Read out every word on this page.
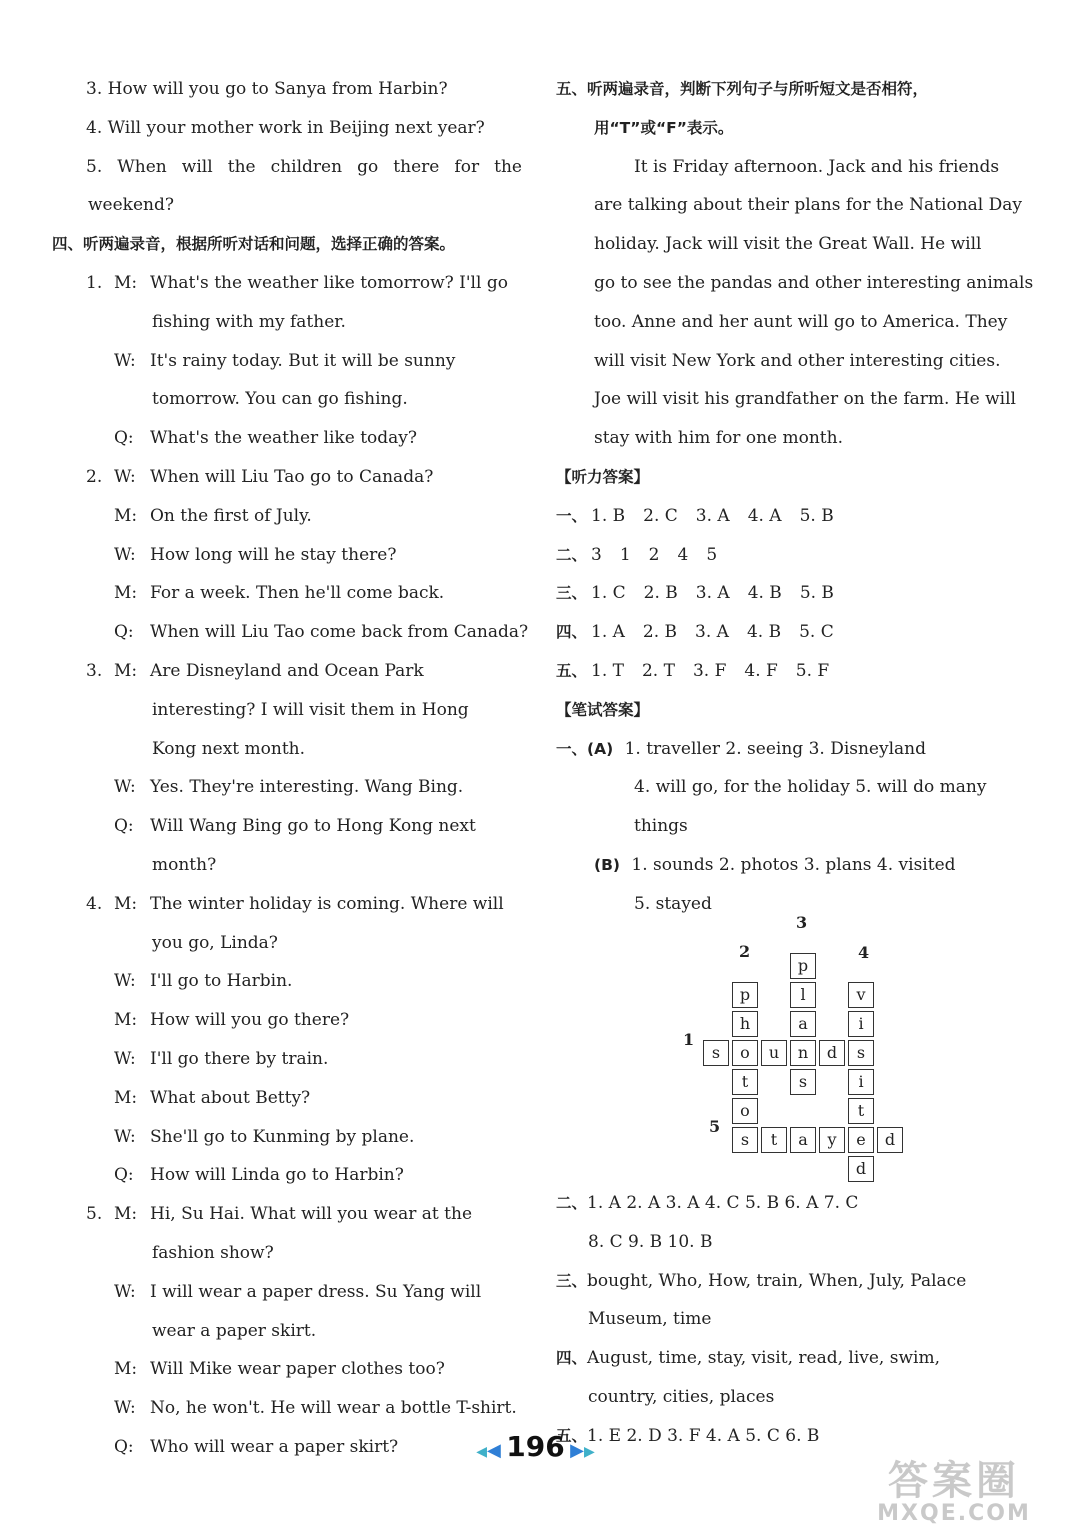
3. How will you go to Sanya from Harbin?
4. Will your mother work in Beijing next year?
5. When will the children go there for the
weekend?
四、听两遍录音，根据所听对话和问题，选择正确的答案。
1. M: What's the weather like tomorrow? I'll go
fishing with my father.
W: It's rainy today. But it will be sunny
tomorrow. You can go fishing.
Q: What's the weather like today?
2. W: When will Liu Tao go to Canada?
M: On the first of July.
W: How long will he stay there?
M: For a week. Then he'll come back.
Q: When will Liu Tao come back from Canada?
3. M: Are Disneyland and Ocean Park
interesting? I will visit them in Hong
Kong next month.
W: Yes. They're interesting. Wang Bing.
Q: Will Wang Bing go to Hong Kong next
month?
4. M: The winter holiday is coming. Where will
you go, Linda?
W: I'll go to Harbin.
M: How will you go there?
W: I'll go there by train.
M: What about Betty?
W: She'll go to Kunming by plane.
Q: How will Linda go to Harbin?
5. M: Hi, Su Hai. What will you wear at the
fashion show?
W: I will wear a paper dress. Su Yang will
wear a paper skirt.
M: Will Mike wear paper clothes too?
W: No, he won't. He will wear a bottle T-shirt.
Q: Who will wear a paper skirt?
五、听两遍录音，判断下列句子与所听短文是否相符，
用“T”或“F”表示。
It is Friday afternoon. Jack and his friends
are talking about their plans for the National Day
holiday. Jack will visit the Great Wall. He will
go to see the pandas and other interesting animals
too. Anne and her aunt will go to America. They
will visit New York and other interesting cities.
Joe will visit his grandfather on the farm. He will
stay with him for one month.
【听力答案】
一、 1. B 2. C 3. A 4. A 5. B
二、 3 1 2 4 5
三、 1. C 2. B 3. A 4. B 5. B
四、 1. A 2. B 3. A 4. B 5. C
五、 1. T 2. T 3. F 4. F 5. F
【笔试答案】
一、(A) 1. traveller 2. seeing 3. Disneyland
4. will go, for the holiday 5. will do many
things
(B) 1. sounds 2. photos 3. plans 4. visited
5. stayed
3
2	4
1
5
s	o	u	n	d	s
p
h
t
o
p
l
a
s
v
i
i
t
e
d
s	t	a	y	d
二、1. A 2. A 3. A 4. C 5. B 6. A 7. C
8. C 9. B 10. B
三、bought, Who, How, train, When, July, Palace
Museum, time
四、August, time, stay, visit, read, live, swim,
country, cities, places
五、1. E 2. D 3. F 4. A 5. C 6. B
◀◀ 196 ▶▶
答案圈
MXQE.COM
